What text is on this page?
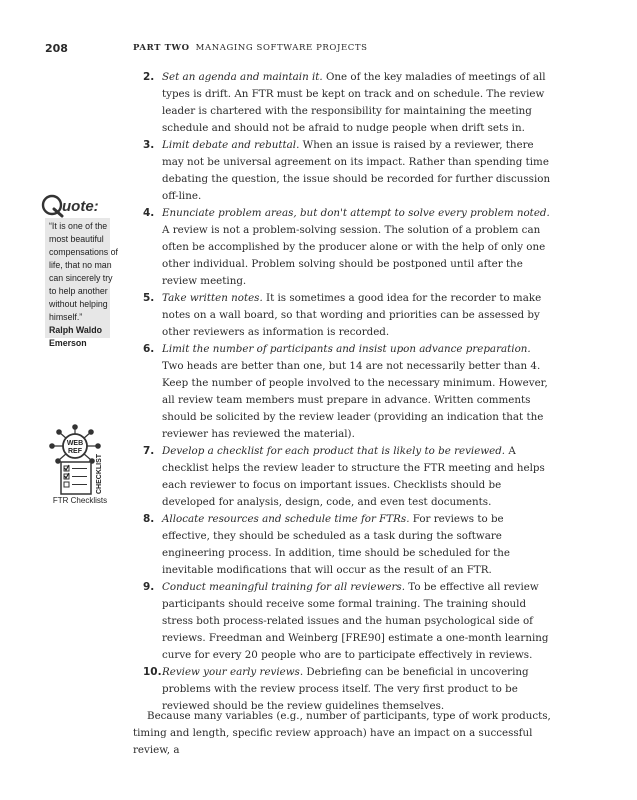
208	PART TWO MANAGING SOFTWARE PROJECTS
2. Set an agenda and maintain it. One of the key maladies of meetings of all types is drift. An FTR must be kept on track and on schedule. The review leader is chartered with the responsibility for maintaining the meeting schedule and should not be afraid to nudge people when drift sets in.
3. Limit debate and rebuttal. When an issue is raised by a reviewer, there may not be universal agreement on its impact. Rather than spending time debating the question, the issue should be recorded for further discussion off-line.
4. Enunciate problem areas, but don't attempt to solve every problem noted. A review is not a problem-solving session. The solution of a problem can often be accomplished by the producer alone or with the help of only one other individual. Problem solving should be postponed until after the review meeting.
5. Take written notes. It is sometimes a good idea for the recorder to make notes on a wall board, so that wording and priorities can be assessed by other reviewers as information is recorded.
6. Limit the number of participants and insist upon advance preparation. Two heads are better than one, but 14 are not necessarily better than 4. Keep the number of people involved to the necessary minimum. However, all review team members must prepare in advance. Written comments should be solicited by the review leader (providing an indication that the reviewer has reviewed the material).
7. Develop a checklist for each product that is likely to be reviewed. A checklist helps the review leader to structure the FTR meeting and helps each reviewer to focus on important issues. Checklists should be developed for analysis, design, code, and even test documents.
8. Allocate resources and schedule time for FTRs. For reviews to be effective, they should be scheduled as a task during the software engineering process. In addition, time should be scheduled for the inevitable modifications that will occur as the result of an FTR.
9. Conduct meaningful training for all reviewers. To be effective all review participants should receive some formal training. The training should stress both process-related issues and the human psychological side of reviews. Freedman and Weinberg [FRE90] estimate a one-month learning curve for every 20 people who are to participate effectively in reviews.
10. Review your early reviews. Debriefing can be beneficial in uncovering problems with the review process itself. The very first product to be reviewed should be the review guidelines themselves.
Because many variables (e.g., number of participants, type of work products, timing and length, specific review approach) have an impact on a successful review, a
uote:
“It is one of the most beautiful compensations of life, that no man can sincerely try to help another without helping himself.”
Ralph Waldo Emerson
WEB
REF
CHECKLIST
FTR Checklists
